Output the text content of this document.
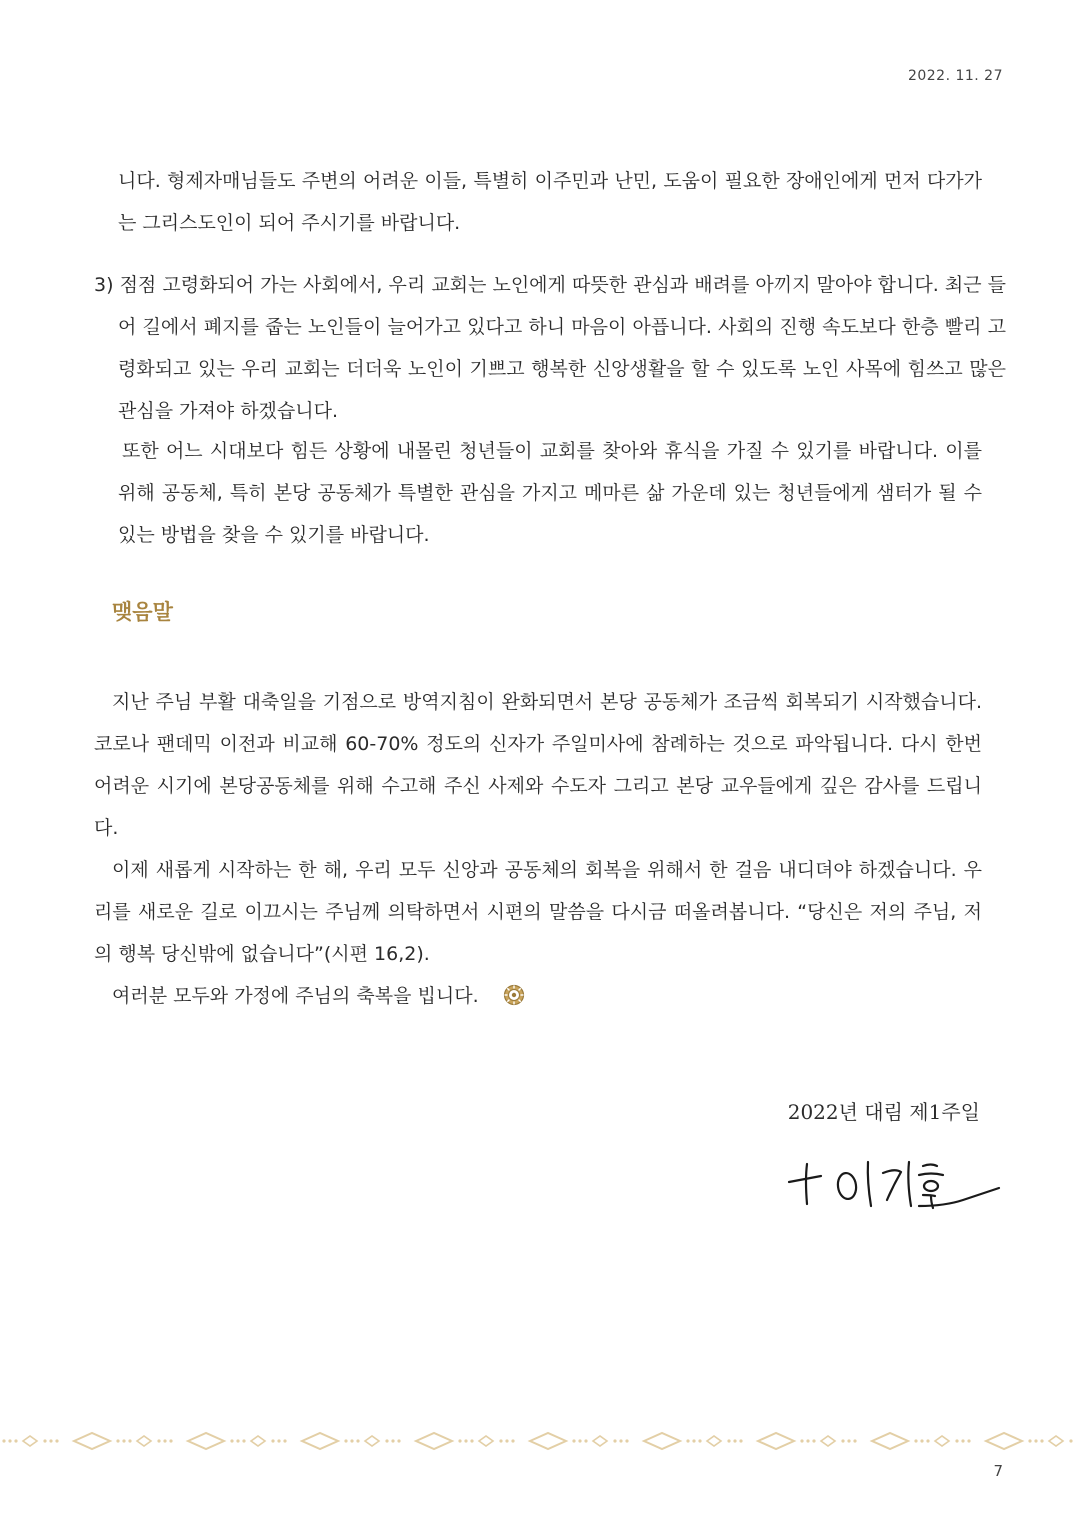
2022. 11. 27

니다. 형제자매님들도 주변의 어려운 이들, 특별히 이주민과 난민, 도움이 필요한 장애인에게 먼저 다가가는 그리스도인이 되어 주시기를 바랍니다.

3) 점점 고령화되어 가는 사회에서, 우리 교회는 노인에게 따뜻한 관심과 배려를 아끼지 말아야 합니다. 최근 들어 길에서 폐지를 줍는 노인들이 늘어가고 있다고 하니 마음이 아픕니다. 사회의 진행 속도보다 한층 빨리 고령화되고 있는 우리 교회는 더더욱 노인이 기쁘고 행복한 신앙생활을 할 수 있도록 노인 사목에 힘쓰고 많은 관심을 가져야 하겠습니다.

또한 어느 시대보다 힘든 상황에 내몰린 청년들이 교회를 찾아와 휴식을 가질 수 있기를 바랍니다. 이를 위해 공동체, 특히 본당 공동체가 특별한 관심을 가지고 메마른 삶 가운데 있는 청년들에게 샘터가 될 수 있는 방법을 찾을 수 있기를 바랍니다.

맺음말

지난 주님 부활 대축일을 기점으로 방역지침이 완화되면서 본당 공동체가 조금씩 회복되기 시작했습니다. 코로나 팬데믹 이전과 비교해 60-70% 정도의 신자가 주일미사에 참례하는 것으로 파악됩니다. 다시 한번 어려운 시기에 본당공동체를 위해 수고해 주신 사제와 수도자 그리고 본당 교우들에게 깊은 감사를 드립니다.

이제 새롭게 시작하는 한 해, 우리 모두 신앙과 공동체의 회복을 위해서 한 걸음 내디뎌야 하겠습니다. 우리를 새로운 길로 이끄시는 주님께 의탁하면서 시편의 말씀을 다시금 떠올려봅니다. “당신은 저의 주님, 저의 행복 당신밖에 없습니다”(시편 16,2).

여러분 모두와 가정에 주님의 축복을 빕니다.

2022년 대림 제1주일
7
